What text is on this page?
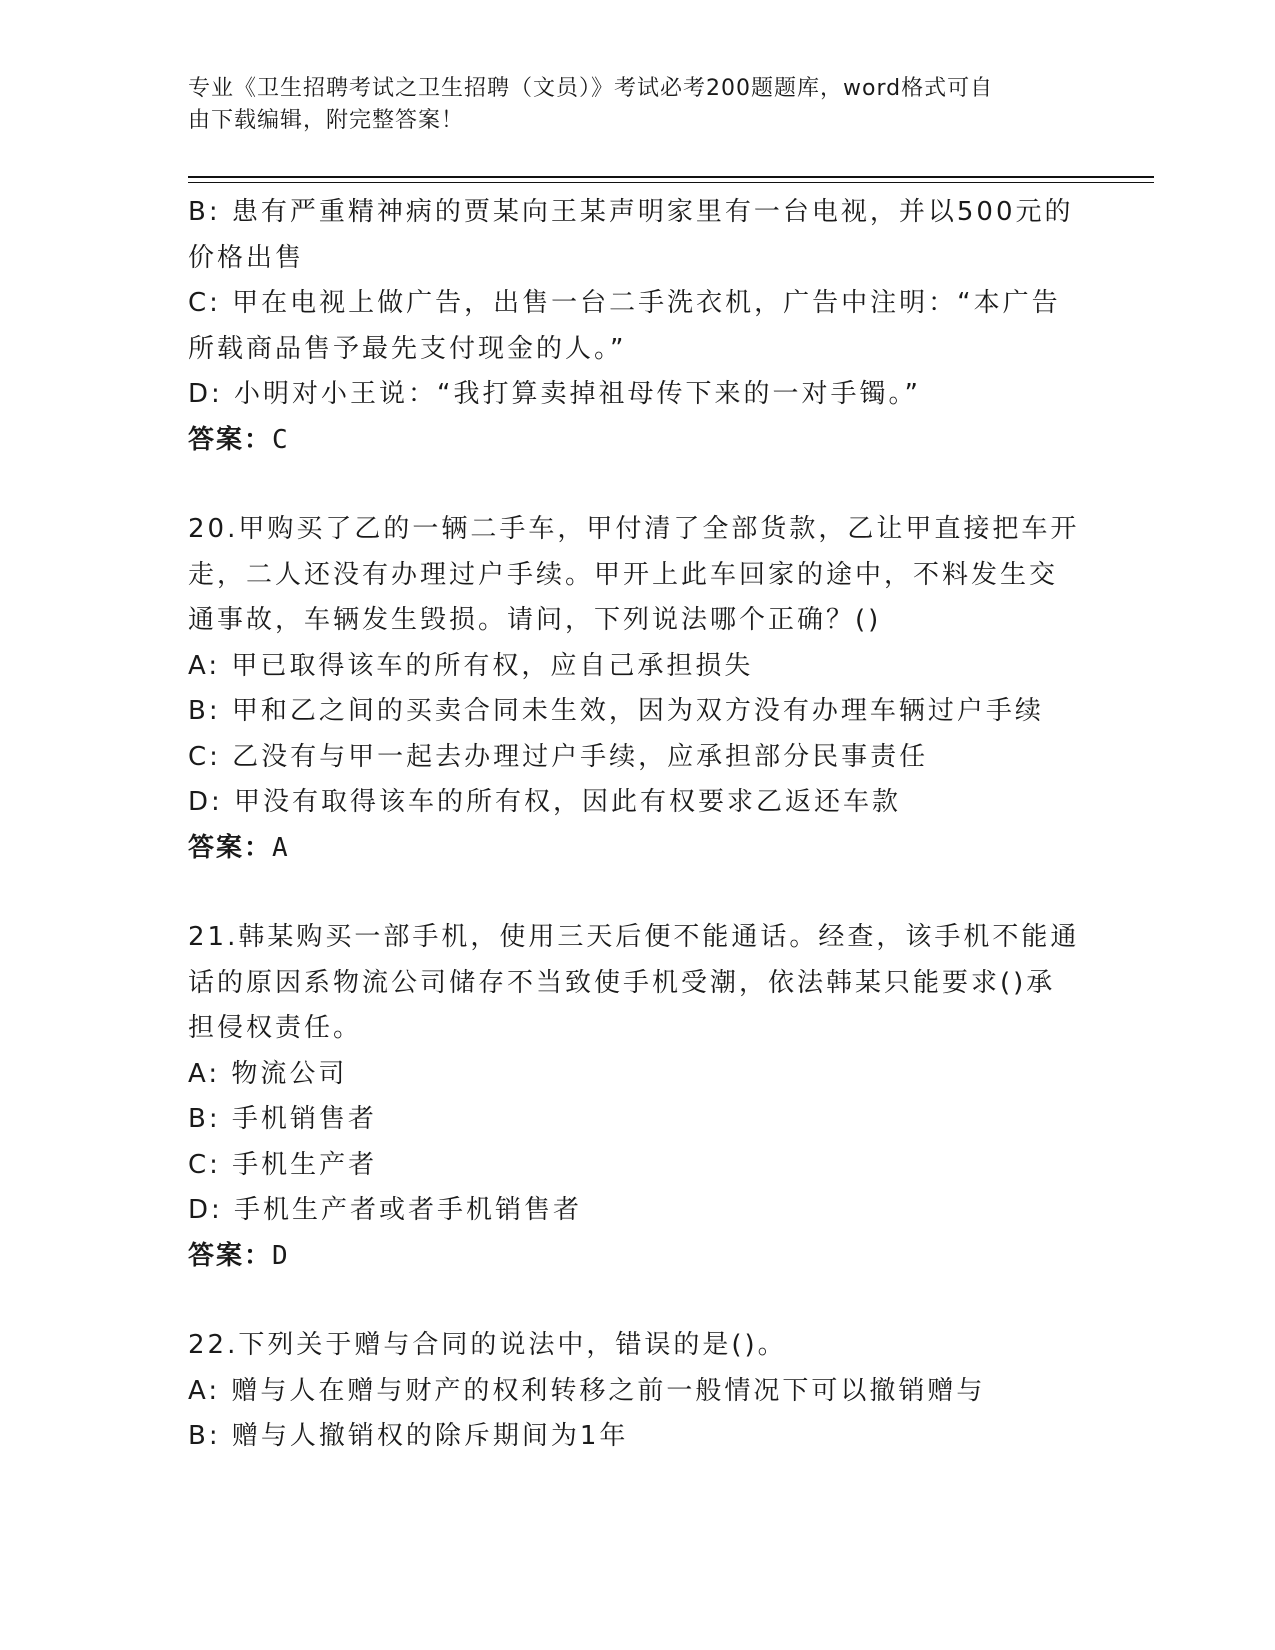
专业《卫生招聘考试之卫生招聘（文员）》考试必考200题题库，word格式可自
由下载编辑，附完整答案！
B: 患有严重精神病的贾某向王某声明家里有一台电视，并以500元的
价格出售
C: 甲在电视上做广告，出售一台二手洗衣机，广告中注明：“本广告
所载商品售予最先支付现金的人。”
D: 小明对小王说：“我打算卖掉祖母传下来的一对手镯。”
答案：C
20.甲购买了乙的一辆二手车，甲付清了全部货款，乙让甲直接把车开
走，二人还没有办理过户手续。甲开上此车回家的途中，不料发生交
通事故，车辆发生毁损。请问，下列说法哪个正确？()
A: 甲已取得该车的所有权，应自己承担损失
B: 甲和乙之间的买卖合同未生效，因为双方没有办理车辆过户手续
C: 乙没有与甲一起去办理过户手续，应承担部分民事责任
D: 甲没有取得该车的所有权，因此有权要求乙返还车款
答案：A
21.韩某购买一部手机，使用三天后便不能通话。经查，该手机不能通
话的原因系物流公司储存不当致使手机受潮，依法韩某只能要求()承
担侵权责任。
A: 物流公司
B: 手机销售者
C: 手机生产者
D: 手机生产者或者手机销售者
答案：D
22.下列关于赠与合同的说法中，错误的是()。
A: 赠与人在赠与财产的权利转移之前一般情况下可以撤销赠与
B: 赠与人撤销权的除斥期间为1年
